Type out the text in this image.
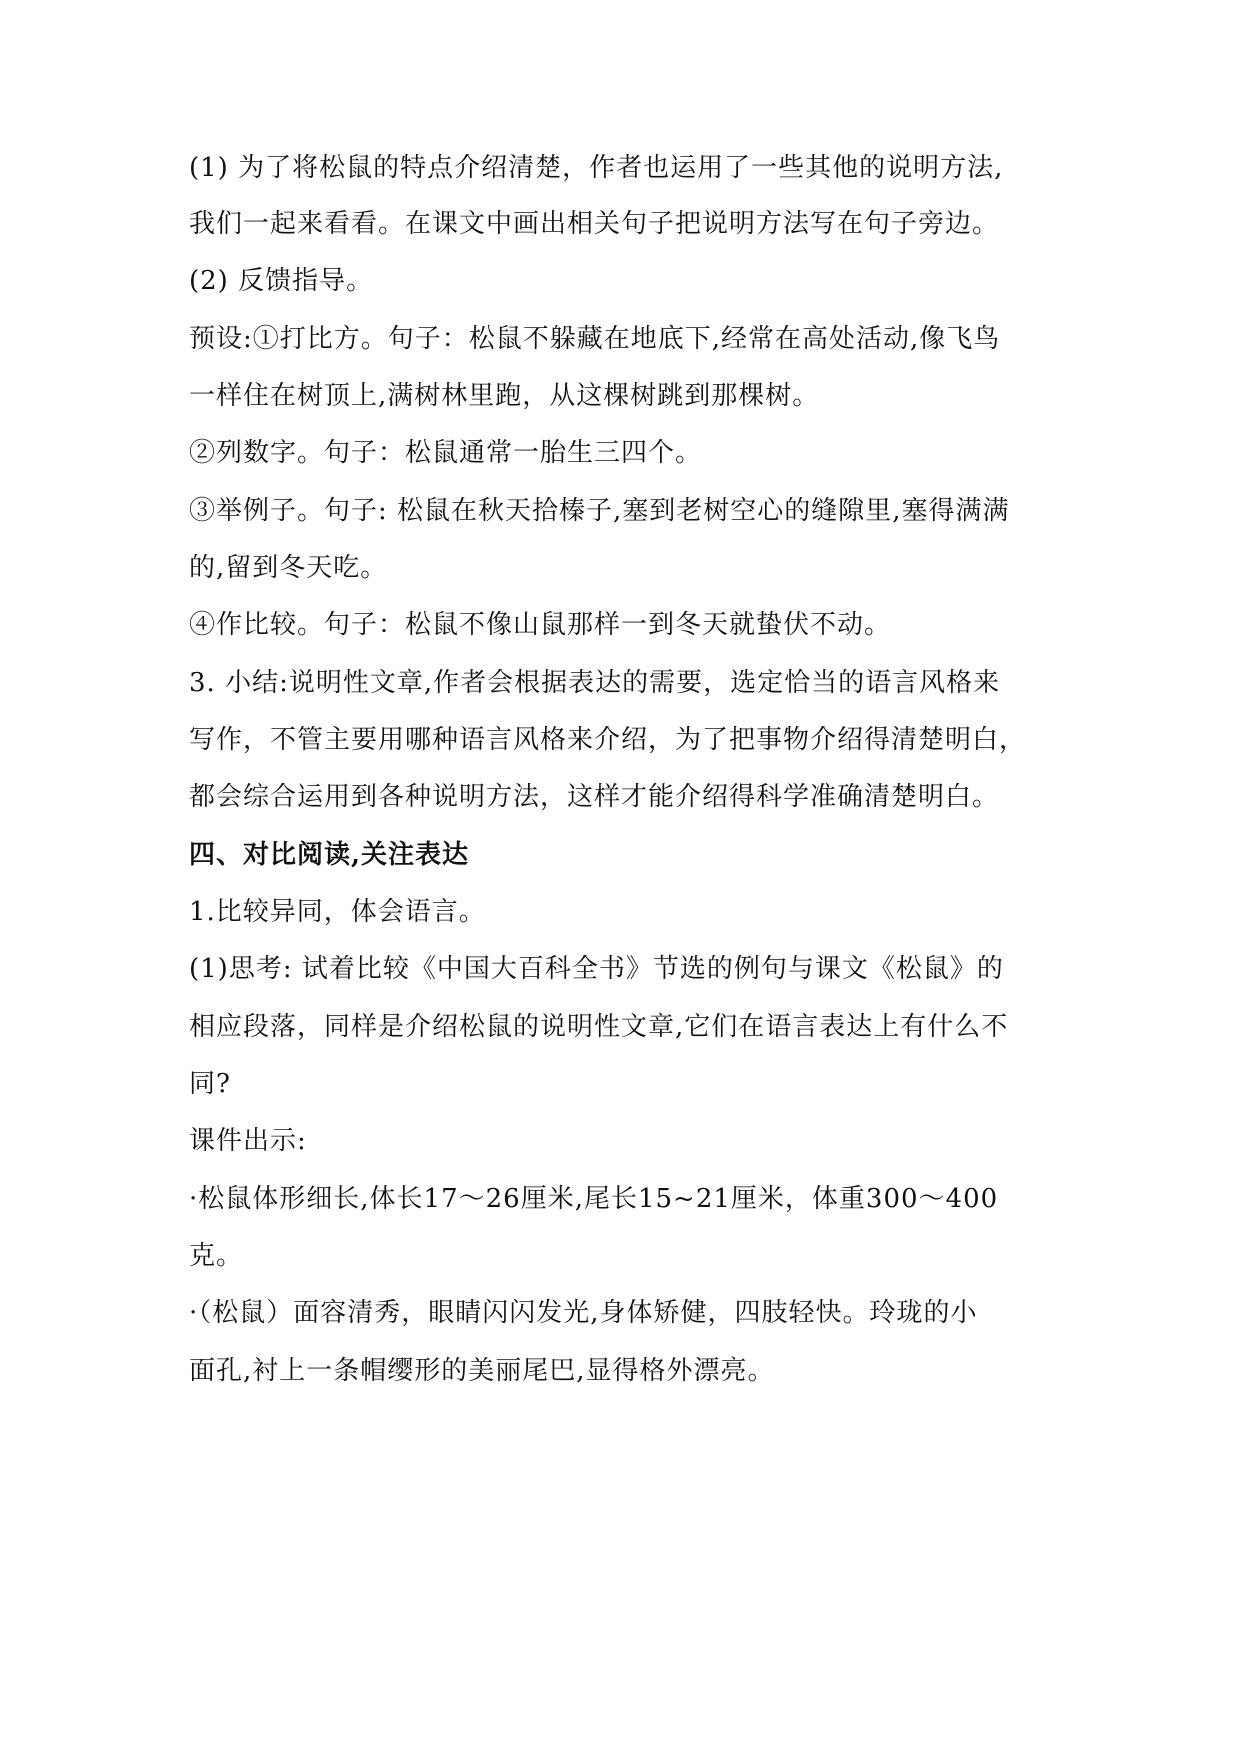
(1) 为了将松鼠的特点介绍清楚，作者也运用了一些其他的说明方法,
我们一起来看看。在课文中画出相关句子把说明方法写在句子旁边。
(2) 反馈指导。
预设:①打比方。句子：松鼠不躲藏在地底下,经常在高处活动,像飞鸟
一样住在树顶上,满树林里跑，从这棵树跳到那棵树。
②列数字。句子：松鼠通常一胎生三四个。
③举例子。句子: 松鼠在秋天拾榛子,塞到老树空心的缝隙里,塞得满满
的,留到冬天吃。
④作比较。句子：松鼠不像山鼠那样一到冬天就蛰伏不动。
3. 小结:说明性文章,作者会根据表达的需要，选定恰当的语言风格来
写作，不管主要用哪种语言风格来介绍，为了把事物介绍得清楚明白，
都会综合运用到各种说明方法，这样才能介绍得科学准确清楚明白。
四、对比阅读,关注表达
1.比较异同，体会语言。
(1)思考: 试着比较《中国大百科全书》节选的例句与课文《松鼠》的
相应段落，同样是介绍松鼠的说明性文章,它们在语言表达上有什么不
同?
课件出示:
·松鼠体形细长,体长17～26厘米,尾长15~21厘米，体重300～400
克。
·（松鼠）面容清秀，眼睛闪闪发光,身体矫健，四肢轻快。玲珑的小
面孔,衬上一条帽缨形的美丽尾巴,显得格外漂亮。
